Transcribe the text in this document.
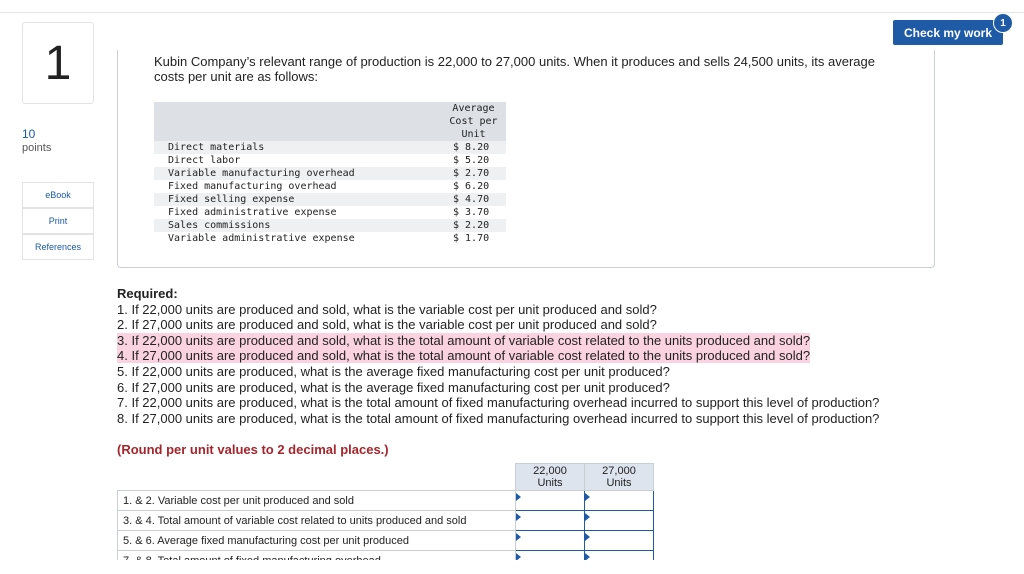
1
10
points
eBook
Print
References
Check my work
1
Kubin Company’s relevant range of production is 22,000 to 27,000 units. When it produces and sells 24,500 units, its average costs per unit are as follows:

	Average
Cost per
Unit

Direct materials	$ 8.20
Direct labor	$ 5.20
Variable manufacturing overhead	$ 2.70
Fixed manufacturing overhead	$ 6.20
Fixed selling expense	$ 4.70
Fixed administrative expense	$ 3.70
Sales commissions	$ 2.20
Variable administrative expense	$ 1.70
Required:
1. If 22,000 units are produced and sold, what is the variable cost per unit produced and sold?
2. If 27,000 units are produced and sold, what is the variable cost per unit produced and sold?
3. If 22,000 units are produced and sold, what is the total amount of variable cost related to the units produced and sold?
4. If 27,000 units are produced and sold, what is the total amount of variable cost related to the units produced and sold?
5. If 22,000 units are produced, what is the average fixed manufacturing cost per unit produced?
6. If 27,000 units are produced, what is the average fixed manufacturing cost per unit produced?
7. If 22,000 units are produced, what is the total amount of fixed manufacturing overhead incurred to support this level of production?
8. If 27,000 units are produced, what is the total amount of fixed manufacturing overhead incurred to support this level of production?
(Round per unit values to 2 decimal places.)
	22,000 Units	27,000 Units
1. & 2. Variable cost per unit produced and sold	

3. & 4. Total amount of variable cost related to units produced and sold	

5. & 6. Average fixed manufacturing cost per unit produced	
